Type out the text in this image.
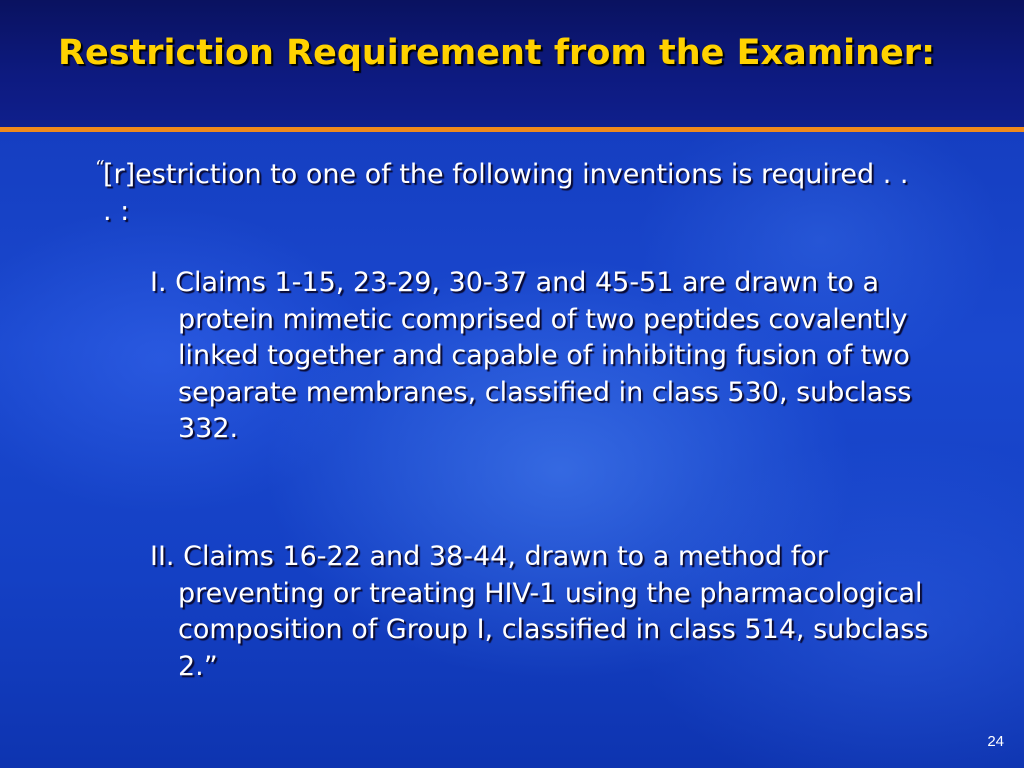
Restriction Requirement from the Examiner:
“

[r]estriction to one of the following inventions is required . . . :

I. Claims 1-15, 23-29, 30-37 and 45-51 are drawn to a protein mimetic comprised of two peptides covalently linked together and capable of inhibiting fusion of two separate membranes, classified in class 530, subclass 332.

II. Claims 16-22 and 38-44, drawn to a method for preventing or treating HIV-1 using the pharmacological composition of Group I, classified in class 514, subclass 2.”

24
